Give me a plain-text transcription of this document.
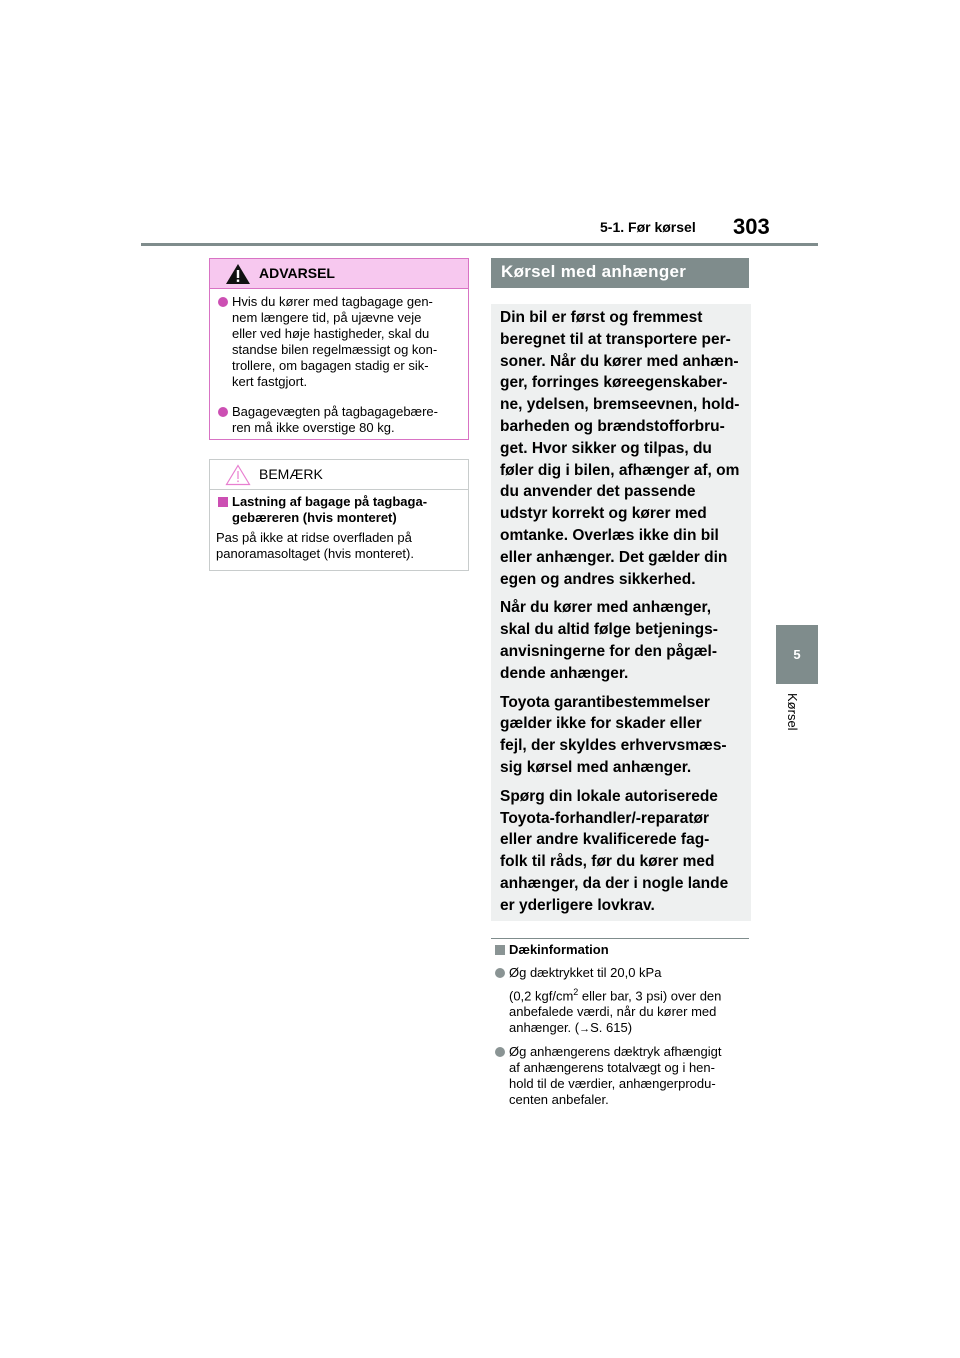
5-1. Før kørsel 303
5
Kørsel
ADVARSEL
Hvis du kører med tagbagage gen-
nem længere tid, på ujævne veje
eller ved høje hastigheder, skal du
standse bilen regelmæssigt og kon-
trollere, om bagagen stadig er sik-
kert fastgjort.
Bagagevægten på tagbagagebære-
ren må ikke overstige 80 kg.
BEMÆRK
Lastning af bagage på tagbaga-
gebæreren (hvis monteret)
Pas på ikke at ridse overfladen på
panoramasoltaget (hvis monteret).
Kørsel med anhænger

Din bil er først og fremmest
beregnet til at transportere per-
soner. Når du kører med anhæn-
ger, forringes køreegenskaber-
ne, ydelsen, bremseevnen, hold-
barheden og brændstofforbru-
get. Hvor sikker og tilpas, du
føler dig i bilen, afhænger af, om
du anvender det passende
udstyr korrekt og kører med
omtanke. Overlæs ikke din bil
eller anhænger. Det gælder din
egen og andres sikkerhed.

Når du kører med anhænger,
skal du altid følge betjenings-
anvisningerne for den pågæl-
dende anhænger.

Toyota garantibestemmelser
gælder ikke for skader eller
fejl, der skyldes erhvervsmæs-
sig kørsel med anhænger.

Spørg din lokale autoriserede
Toyota-forhandler/-reparatør
eller andre kvalificerede fag-
folk til råds, før du kører med
anhænger, da der i nogle lande
er yderligere lovkrav.

Dækinformation
Øg dæktrykket til 20,0 kPa
(0,2 kgf/$cm^2$ eller bar, 3 psi) over den
anbefalede værdi, når du kører med
anhænger. (→S. 615)
Øg anhængerens dæktryk afhængigt
af anhængerens totalvægt og i hen-
hold til de værdier, anhængerprodu-
centen anbefaler.
